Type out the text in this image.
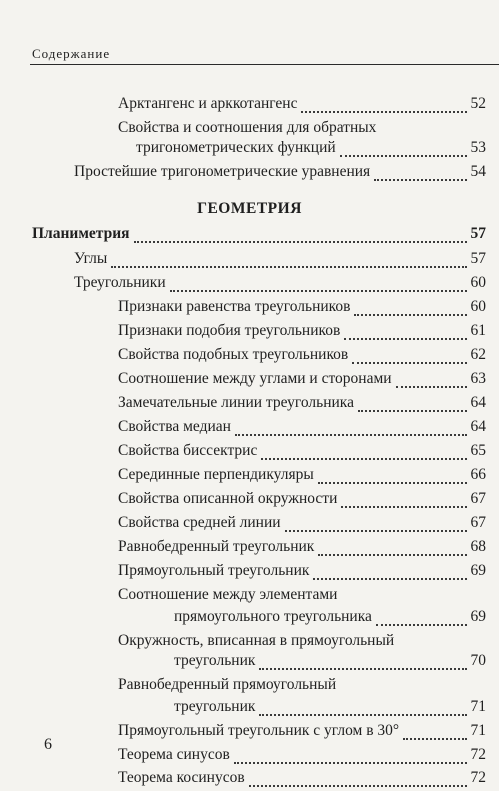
Содержание
ГЕОМЕТРИЯ
Арктангенс и арккотангенс	52
Свойства и соотношения для обратных
тригонометрических функций	53
Простейшие тригонометрические уравнения	54
Планиметрия	57
Углы	57
Треугольники	60
Признаки равенства треугольников	60
Признаки подобия треугольников	61
Свойства подобных треугольников	62
Соотношение между углами и сторонами	63
Замечательные линии треугольника	64
Свойства медиан	64
Свойства биссектрис	65
Серединные перпендикуляры	66
Свойства описанной окружности	67
Свойства средней линии	67
Равнобедренный треугольник	68
Прямоугольный треугольник	69
Соотношение между элементами
прямоугольного треугольника	69
Окружность, вписанная в прямоугольный
треугольник	70
Равнобедренный прямоугольный
треугольник	71
Прямоугольный треугольник с углом в 30°	71
Теорема синусов	72
Теорема косинусов	72
6
